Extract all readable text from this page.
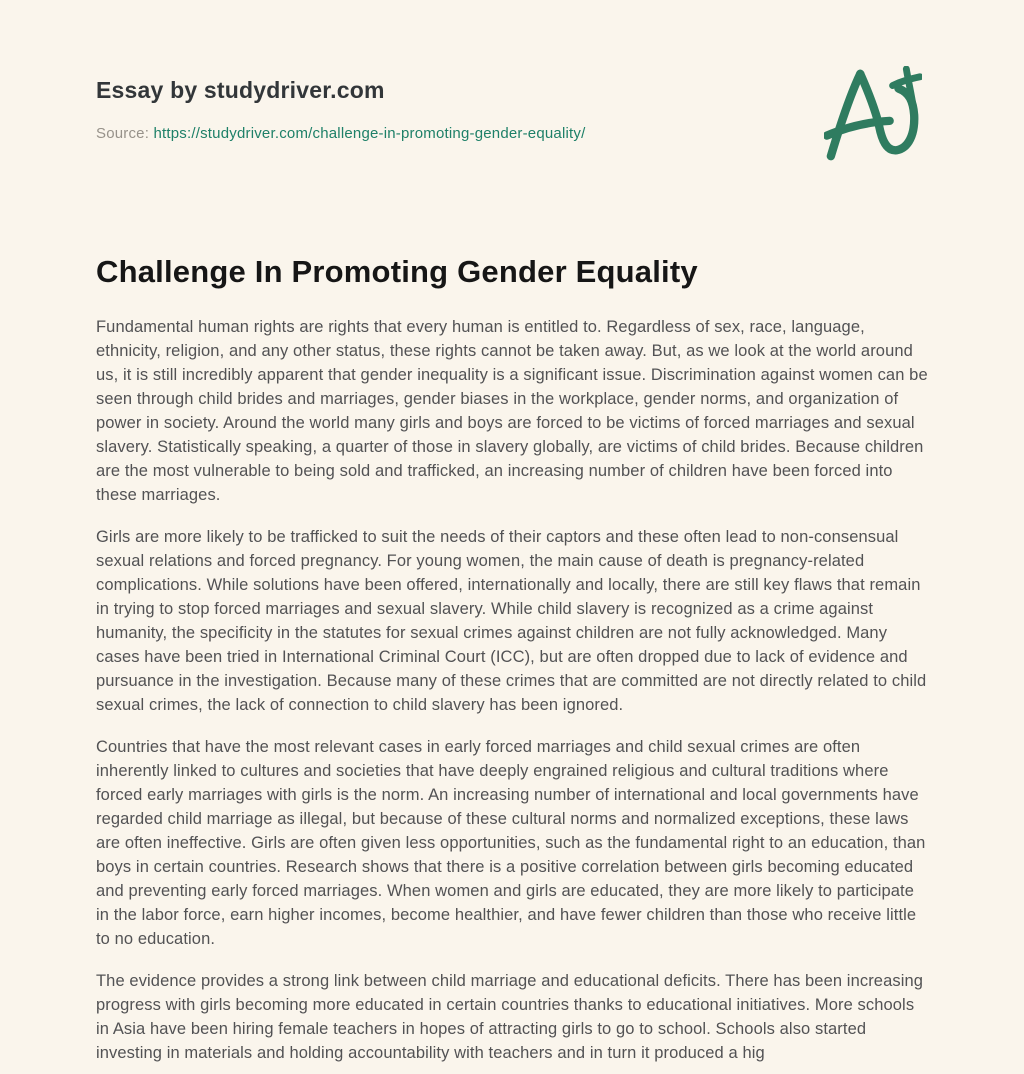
Essay by studydriver.com
Source: https://studydriver.com/challenge-in-promoting-gender-equality/
Challenge In Promoting Gender Equality

Fundamental human rights are rights that every human is entitled to. Regardless of sex, race, language, ethnicity, religion, and any other status, these rights cannot be taken away. But, as we look at the world around us, it is still incredibly apparent that gender inequality is a significant issue. Discrimination against women can be seen through child brides and marriages, gender biases in the workplace, gender norms, and organization of power in society. Around the world many girls and boys are forced to be victims of forced marriages and sexual slavery. Statistically speaking, a quarter of those in slavery globally, are victims of child brides. Because children are the most vulnerable to being sold and trafficked, an increasing number of children have been forced into these marriages.

Girls are more likely to be trafficked to suit the needs of their captors and these often lead to non-consensual sexual relations and forced pregnancy. For young women, the main cause of death is pregnancy-related complications. While solutions have been offered, internationally and locally, there are still key flaws that remain in trying to stop forced marriages and sexual slavery. While child slavery is recognized as a crime against humanity, the specificity in the statutes for sexual crimes against children are not fully acknowledged. Many cases have been tried in International Criminal Court (ICC), but are often dropped due to lack of evidence and pursuance in the investigation. Because many of these crimes that are committed are not directly related to child sexual crimes, the lack of connection to child slavery has been ignored.

Countries that have the most relevant cases in early forced marriages and child sexual crimes are often inherently linked to cultures and societies that have deeply engrained religious and cultural traditions where forced early marriages with girls is the norm. An increasing number of international and local governments have regarded child marriage as illegal, but because of these cultural norms and normalized exceptions, these laws are often ineffective. Girls are often given less opportunities, such as the fundamental right to an education, than boys in certain countries. Research shows that there is a positive correlation between girls becoming educated and preventing early forced marriages. When women and girls are educated, they are more likely to participate in the labor force, earn higher incomes, become healthier, and have fewer children than those who receive little to no education.

The evidence provides a strong link between child marriage and educational deficits. There has been increasing progress with girls becoming more educated in certain countries thanks to educational initiatives. More schools in Asia have been hiring female teachers in hopes of attracting girls to go to school. Schools also started investing in materials and holding accountability with teachers and in turn it produced a hig
